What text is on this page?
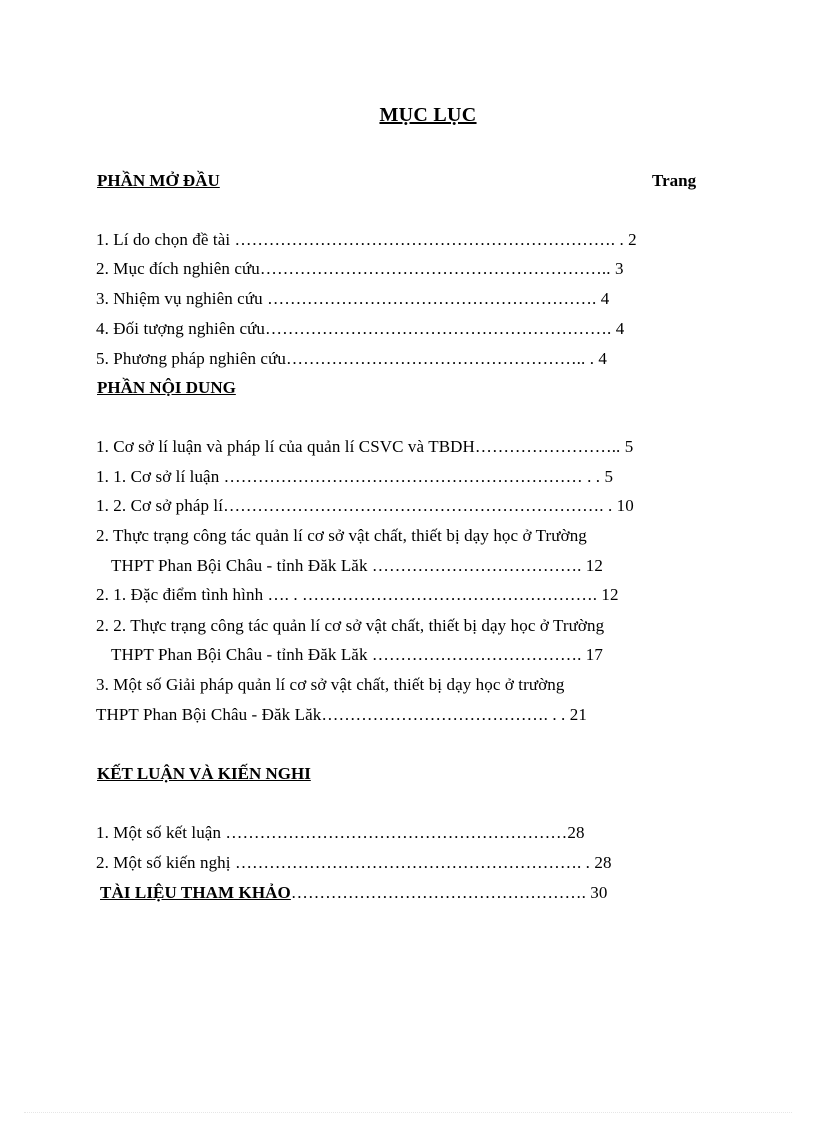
MỤC LỤC
PHẦN MỞ ĐẦU	Trang
1. Lí do chọn đề tài …………………………………………………………. . 2
2. Mục đích nghiên cứu…………………………………………………….. 3
3. Nhiệm vụ nghiên cứu …………………………………………………. 4
4. Đối tượng nghiên cứu……………………………………………………. 4
5. Phương pháp nghiên cứu…………………………………………….. . 4
PHẦN NỘI DUNG
1. Cơ sở lí luận và pháp lí của quản lí CSVC và TBDH…………………….. 5
1. 1. Cơ sở lí luận ……………………………………………………… . . 5
1. 2. Cơ sở pháp lí…………………………………………………………. . 10
2. Thực trạng công tác quản lí cơ sở vật chất, thiết bị dạy học ở Trường
THPT Phan Bội Châu - tỉnh Đăk Lăk ………………………………. 12
2. 1. Đặc điểm tình hình …. . ……………………………………………. 12
2. 2. Thực trạng công tác quản lí cơ sở vật chất, thiết bị dạy học ở Trường
THPT Phan Bội Châu - tỉnh Đăk Lăk ………………………………. 17
3. Một số Giải pháp quản lí cơ sở vật chất, thiết bị dạy học ở trường
THPT Phan Bội Châu - Đăk Lăk…………………………………. . . 21
KẾT LUẬN VÀ KIẾN NGHI
1. Một số kết luận ……………………………………………………28
2. Một số kiến nghị ……………………………………………………. . 28
TÀI LIỆU THAM KHẢO……………………………………………. 30
